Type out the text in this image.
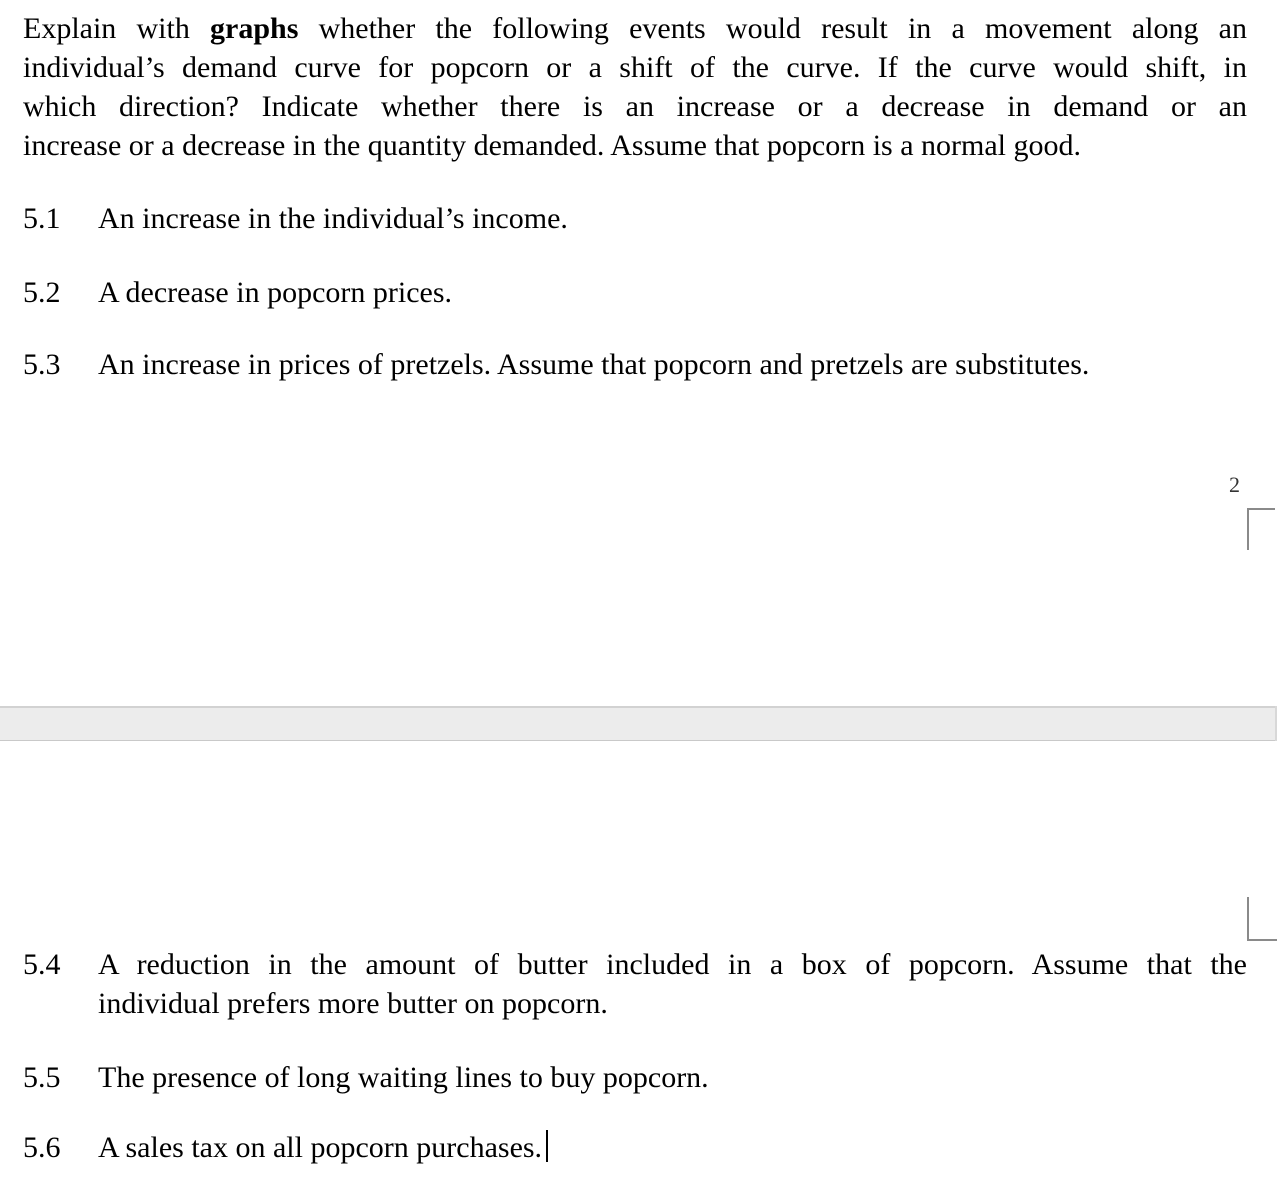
Explain with graphs whether the following events would result in a movement along an
individual’s demand curve for popcorn or a shift of the curve. If the curve would shift, in
which direction? Indicate whether there is an increase or a decrease in demand or an
increase or a decrease in the quantity demanded. Assume that popcorn is a normal good.
5.1	An increase in the individual’s income.
5.2	A decrease in popcorn prices.
5.3	An increase in prices of pretzels. Assume that popcorn and pretzels are substitutes.
2
5.4	A reduction in the amount of butter included in a box of popcorn. Assume that the
individual prefers more butter on popcorn.
5.5	The presence of long waiting lines to buy popcorn.
5.6	A sales tax on all popcorn purchases.
